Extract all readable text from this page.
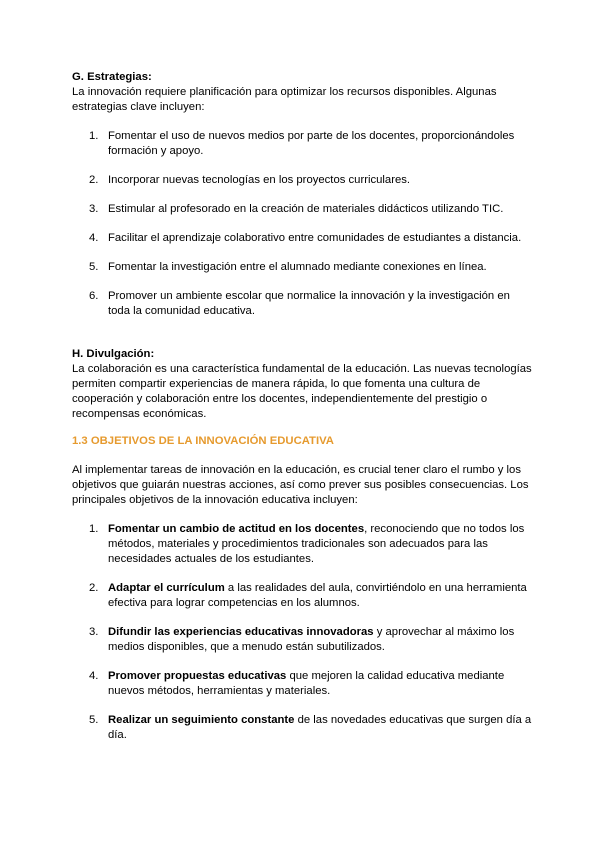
G. Estrategias:

La innovación requiere planificación para optimizar los recursos disponibles. Algunas estrategias clave incluyen:

1. Fomentar el uso de nuevos medios por parte de los docentes, proporcionándoles formación y apoyo.
2. Incorporar nuevas tecnologías en los proyectos curriculares.
3. Estimular al profesorado en la creación de materiales didácticos utilizando TIC.
4. Facilitar el aprendizaje colaborativo entre comunidades de estudiantes a distancia.
5. Fomentar la investigación entre el alumnado mediante conexiones en línea.
6. Promover un ambiente escolar que normalice la innovación y la investigación en toda la comunidad educativa.

H. Divulgación:

La colaboración es una característica fundamental de la educación. Las nuevas tecnologías permiten compartir experiencias de manera rápida, lo que fomenta una cultura de cooperación y colaboración entre los docentes, independientemente del prestigio o recompensas económicas.

1.3 OBJETIVOS DE LA INNOVACIÓN EDUCATIVA

Al implementar tareas de innovación en la educación, es crucial tener claro el rumbo y los objetivos que guiarán nuestras acciones, así como prever sus posibles consecuencias. Los principales objetivos de la innovación educativa incluyen:

1. Fomentar un cambio de actitud en los docentes, reconociendo que no todos los métodos, materiales y procedimientos tradicionales son adecuados para las necesidades actuales de los estudiantes.
2. Adaptar el currículum a las realidades del aula, convirtiéndolo en una herramienta efectiva para lograr competencias en los alumnos.
3. Difundir las experiencias educativas innovadoras y aprovechar al máximo los medios disponibles, que a menudo están subutilizados.
4. Promover propuestas educativas que mejoren la calidad educativa mediante nuevos métodos, herramientas y materiales.
5. Realizar un seguimiento constante de las novedades educativas que surgen día a día.
